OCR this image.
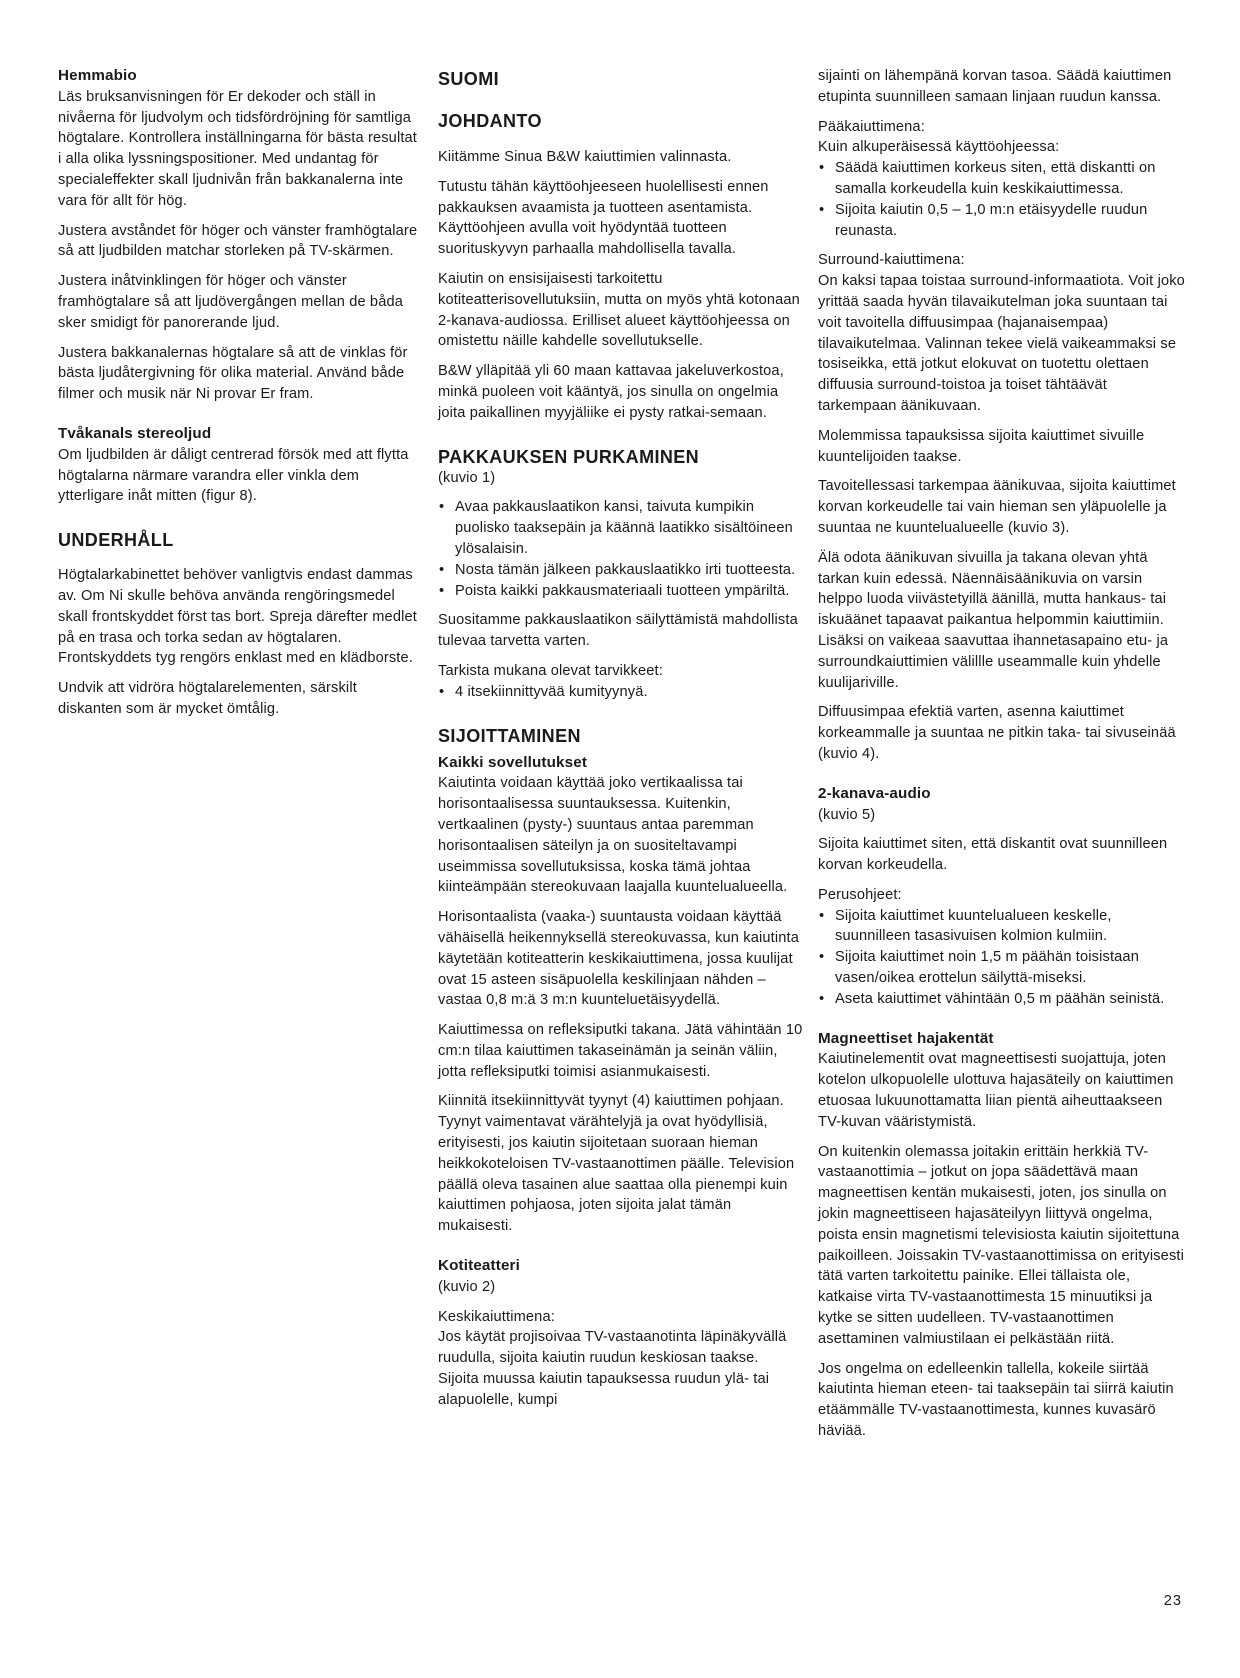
Hemmabio

Läs bruksanvisningen för Er dekoder och ställ in nivåerna för ljudvolym och tidsfördröjning för samtliga högtalare. Kontrollera inställningarna för bästa resultat i alla olika lyssningspositioner. Med undantag för specialeffekter skall ljudnivån från bakkanalerna inte vara för allt för hög.

Justera avståndet för höger och vänster framhögtalare så att ljudbilden matchar storleken på TV-skärmen.

Justera inåtvinklingen för höger och vänster framhögtalare så att ljudövergången mellan de båda sker smidigt för panorerande ljud.

Justera bakkanalernas högtalare så att de vinklas för bästa ljudåtergivning för olika material. Använd både filmer och musik när Ni provar Er fram.

Tvåkanals stereoljud

Om ljudbilden är dåligt centrerad försök med att flytta högtalarna närmare varandra eller vinkla dem ytterligare inåt mitten (figur 8).

UNDERHÅLL

Högtalarkabinettet behöver vanligtvis endast dammas av. Om Ni skulle behöva använda rengöringsmedel skall frontskyddet först tas bort. Spreja därefter medlet på en trasa och torka sedan av högtalaren. Frontskyddets tyg rengörs enklast med en klädborste.

Undvik att vidröra högtalarelementen, särskilt diskanten som är mycket ömtålig.

SUOMI
JOHDANTO

Kiitämme Sinua B&W kaiuttimien valinnasta.

Tutustu tähän käyttöohjeeseen huolellisesti ennen pakkauksen avaamista ja tuotteen asentamista. Käyttöohjeen avulla voit hyödyntää tuotteen suorituskyvyn parhaalla mahdollisella tavalla.

Kaiutin on ensisijaisesti tarkoitettu kotiteatterisovellutuksiin, mutta on myös yhtä kotonaan 2-kanava-audiossa. Erilliset alueet käyttöohjeessa on omistettu näille kahdelle sovellutukselle.

B&W ylläpitää yli 60 maan kattavaa jakeluverkostoa, minkä puoleen voit kääntyä, jos sinulla on ongelmia joita paikallinen myyjäliike ei pysty ratkai-semaan.

PAKKAUKSEN PURKAMINEN

(kuvio 1)

• Avaa pakkauslaatikon kansi, taivuta kumpikin puolisko taaksepäin ja käännä laatikko sisältöineen ylösalaisin.
• Nosta tämän jälkeen pakkauslaatikko irti tuotteesta.
• Poista kaikki pakkausmateriaali tuotteen ympäriltä.

Suositamme pakkauslaatikon säilyttämistä mahdollista tulevaa tarvetta varten.

Tarkista mukana olevat tarvikkeet:
• 4 itsekiinnittyvää kumityynyä.
SIJOITTAMINEN
Kaikki sovellutukset

Kaiutinta voidaan käyttää joko vertikaalissa tai horisontaalisessa suuntauksessa. Kuitenkin, vertkaalinen (pysty-) suuntaus antaa paremman horisontaalisen säteilyn ja on suositeltavampi useimmissa sovellutuksissa, koska tämä johtaa kiinteämpään stereokuvaan laajalla kuuntelualueella.

Horisontaalista (vaaka-) suuntausta voidaan käyttää vähäisellä heikennyksellä stereokuvassa, kun kaiutinta käytetään kotiteatterin keskikaiuttimena, jossa kuulijat ovat 15 asteen sisäpuolella keskilinjaan nähden – vastaa 0,8 m:ä 3 m:n kuunteluetäisyydellä.

Kaiuttimessa on refleksiputki takana. Jätä vähintään 10 cm:n tilaa kaiuttimen takaseinämän ja seinän väliin, jotta refleksiputki toimisi asianmukaisesti.

Kiinnitä itsekiinnittyvät tyynyt (4) kaiuttimen pohjaan. Tyynyt vaimentavat värähtelyjä ja ovat hyödyllisiä, erityisesti, jos kaiutin sijoitetaan suoraan hieman heikkokoteloisen TV-vastaanottimen päälle. Television päällä oleva tasainen alue saattaa olla pienempi kuin kaiuttimen pohjaosa, joten sijoita jalat tämän mukaisesti.

Kotiteatteri

(kuvio 2)

Keskikaiuttimena:

Jos käytät projisoivaa TV-vastaanotinta läpinäkyvällä ruudulla, sijoita kaiutin ruudun keskiosan taakse. Sijoita muussa kaiutin tapauksessa ruudun ylä- tai alapuolelle, kumpi

sijainti on lähempänä korvan tasoa. Säädä kaiuttimen etupinta suunnilleen samaan linjaan ruudun kanssa.

Pääkaiuttimena:
Kuin alkuperäisessä käyttöohjeessa:
• Säädä kaiuttimen korkeus siten, että diskantti on samalla korkeudella kuin keskikaiuttimessa.
• Sijoita kaiutin 0,5 – 1,0 m:n etäisyydelle ruudun reunasta.
Surround-kaiuttimena:

On kaksi tapaa toistaa surround-informaatiota. Voit joko yrittää saada hyvän tilavaikutelman joka suuntaan tai voit tavoitella diffuusimpaa (hajanaisempaa) tilavaikutelmaa. Valinnan tekee vielä vaikeammaksi se tosiseikka, että jotkut elokuvat on tuotettu olettaen diffuusia surround-toistoa ja toiset tähtäävät tarkempaan äänikuvaan.

Molemmissa tapauksissa sijoita kaiuttimet sivuille kuuntelijoiden taakse.

Tavoitellessasi tarkempaa äänikuvaa, sijoita kaiuttimet korvan korkeudelle tai vain hieman sen yläpuolelle ja suuntaa ne kuuntelualueelle (kuvio 3).

Älä odota äänikuvan sivuilla ja takana olevan yhtä tarkan kuin edessä. Näennäisäänikuvia on varsin helppo luoda viivästetyillä äänillä, mutta hankaus- tai iskuäänet tapaavat paikantua helpommin kaiuttimiin. Lisäksi on vaikeaa saavuttaa ihannetasapaino etu- ja surroundkaiuttimien välillle useammalle kuin yhdelle kuulijariville.

Diffuusimpaa efektiä varten, asenna kaiuttimet korkeammalle ja suuntaa ne pitkin taka- tai sivuseinää (kuvio 4).

2-kanava-audio

(kuvio 5)

Sijoita kaiuttimet siten, että diskantit ovat suunnilleen korvan korkeudella.

Perusohjeet:
• Sijoita kaiuttimet kuuntelualueen keskelle, suunnilleen tasasivuisen kolmion kulmiin.
• Sijoita kaiuttimet noin 1,5 m päähän toisistaan vasen/oikea erottelun säilyttä-miseksi.
• Aseta kaiuttimet vähintään 0,5 m päähän seinistä.
Magneettiset hajakentät

Kaiutinelementit ovat magneettisesti suojattuja, joten kotelon ulkopuolelle ulottuva hajasäteily on kaiuttimen etuosaa lukuunottamatta liian pientä aiheuttaakseen TV-kuvan vääristymistä.

On kuitenkin olemassa joitakin erittäin herkkiä TV-vastaanottimia – jotkut on jopa säädettävä maan magneettisen kentän mukaisesti, joten, jos sinulla on jokin magneettiseen hajasäteilyyn liittyvä ongelma, poista ensin magnetismi televisiosta kaiutin sijoitettuna paikoilleen. Joissakin TV-vastaanottimissa on erityisesti tätä varten tarkoitettu painike. Ellei tällaista ole, katkaise virta TV-vastaanottimesta 15 minuutiksi ja kytke se sitten uudelleen. TV-vastaanottimen asettaminen valmiustilaan ei pelkästään riitä.

Jos ongelma on edelleenkin tallella, kokeile siirtää kaiutinta hieman eteen- tai taaksepäin tai siirrä kaiutin etäämmälle TV-vastaanottimesta, kunnes kuvasärö häviää.

23
